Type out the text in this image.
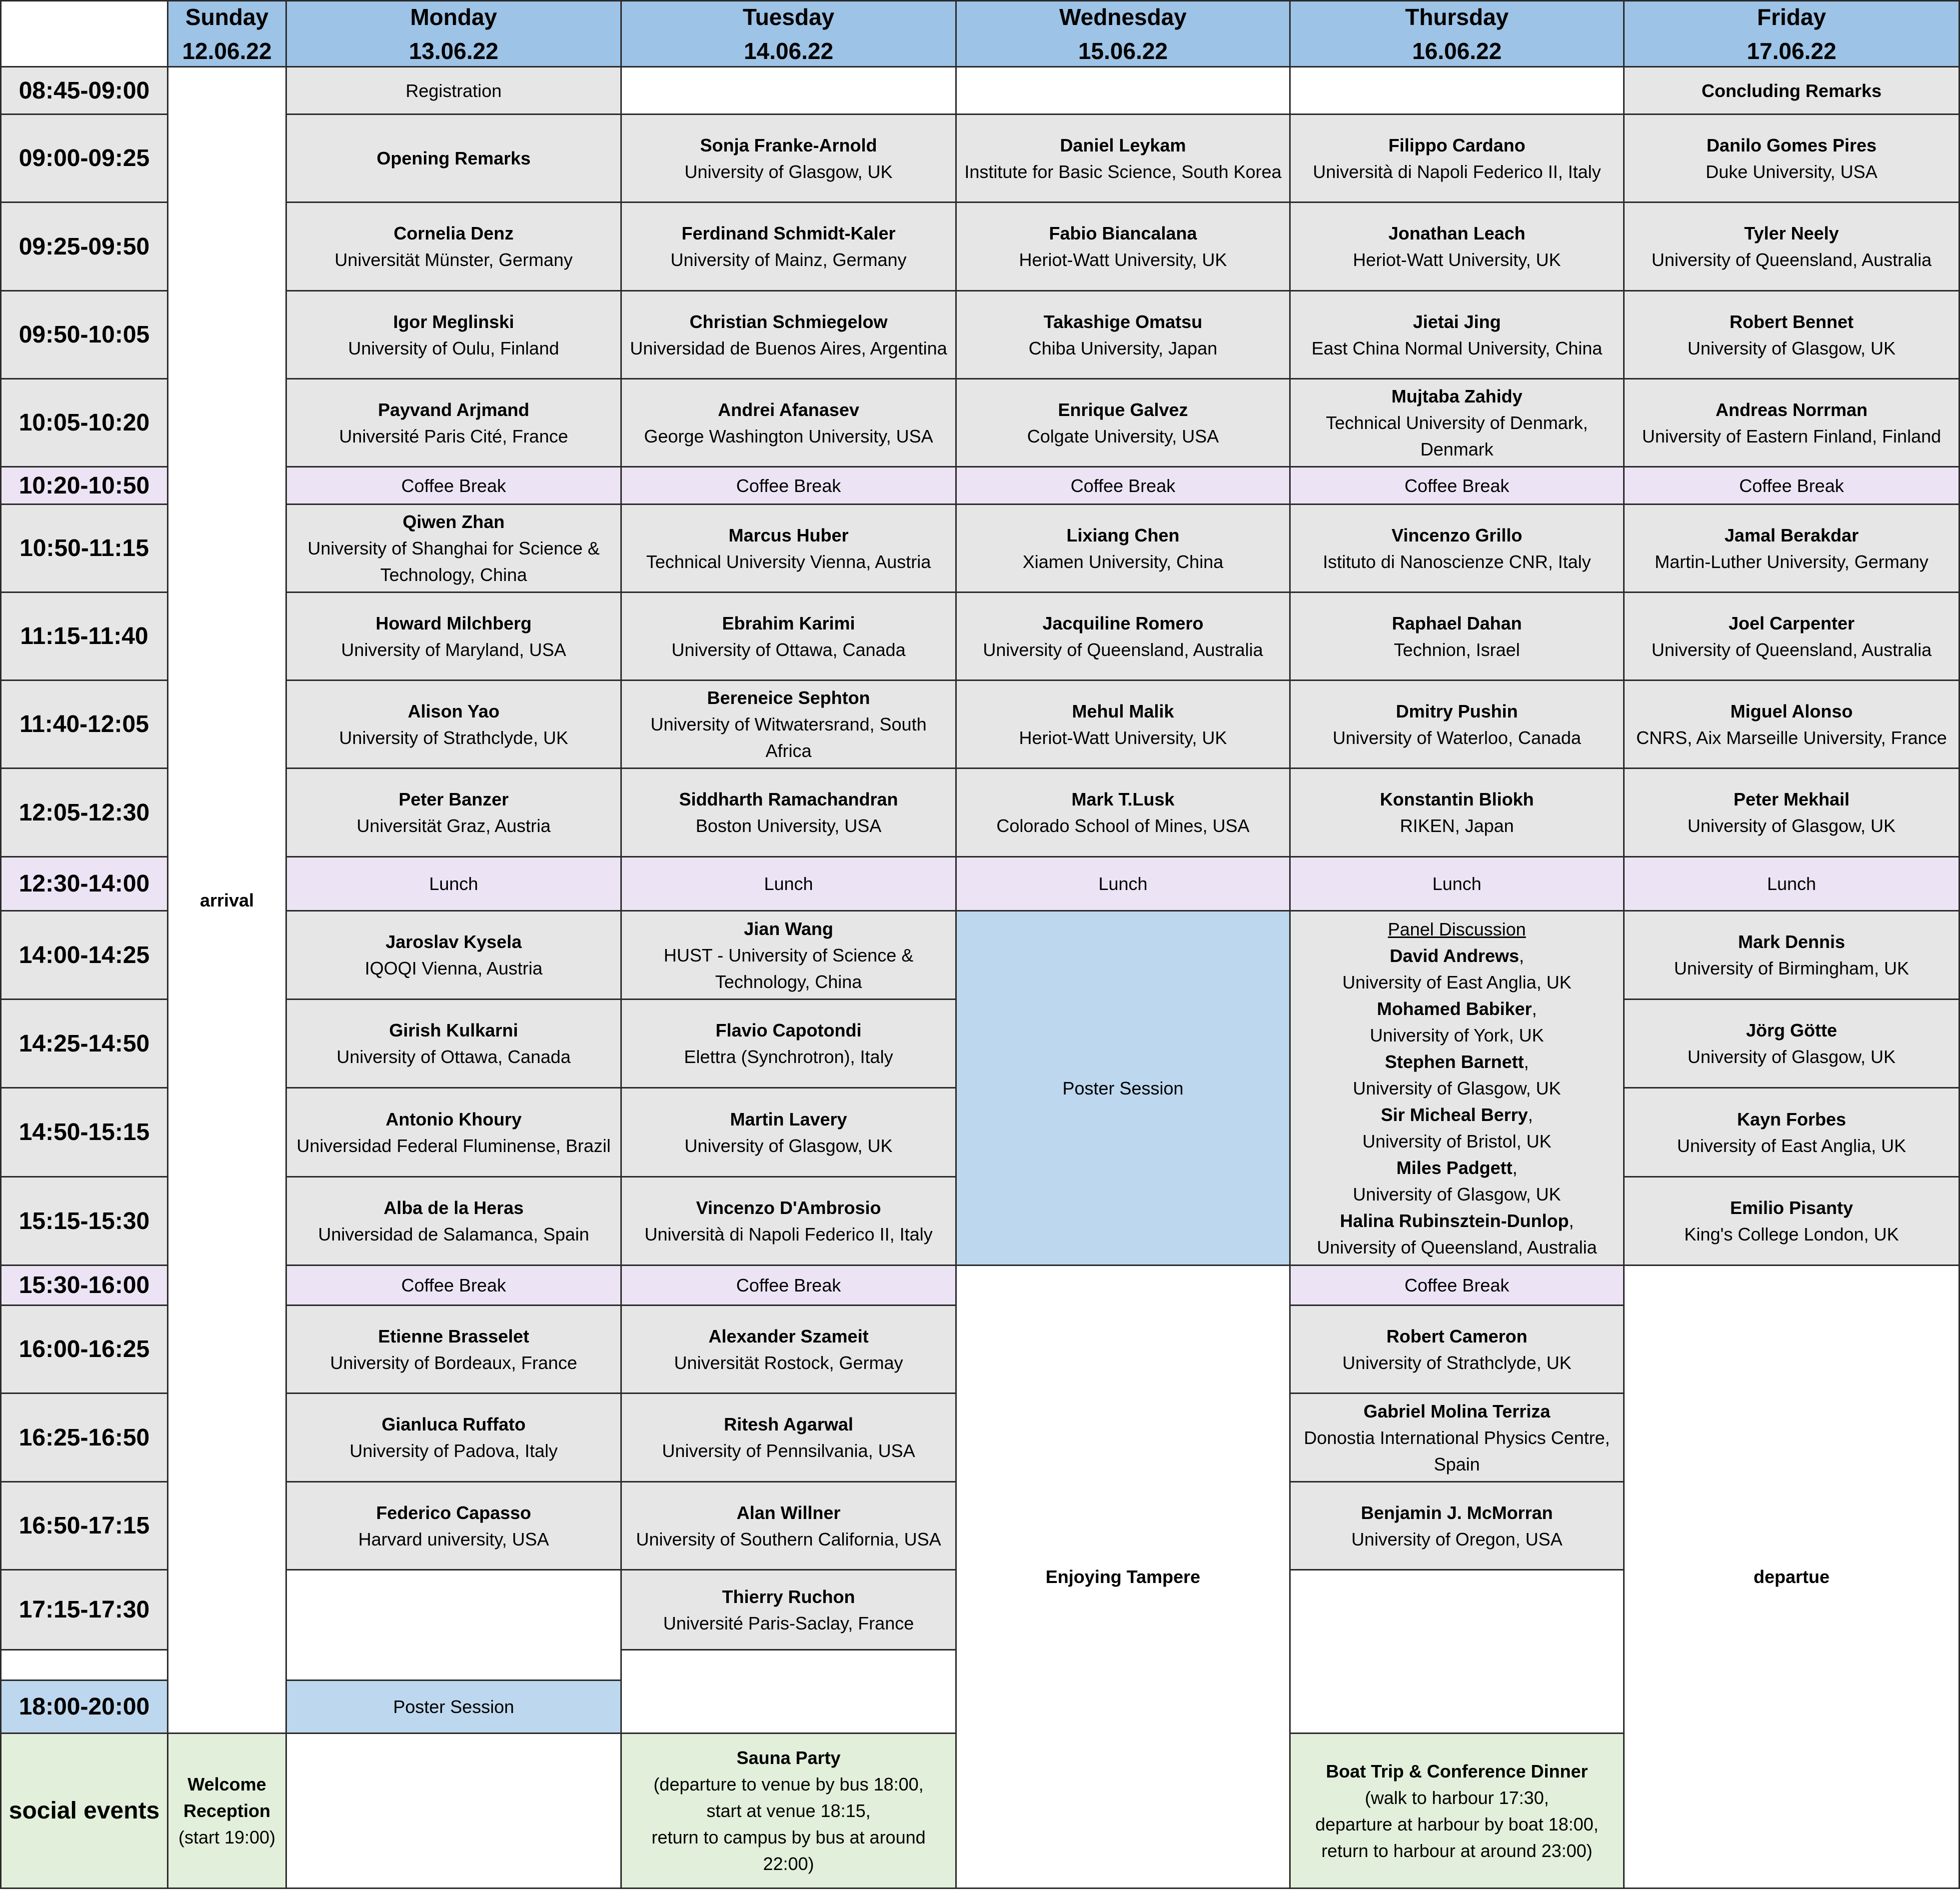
Sunday
12.06.22
Monday
13.06.22
Tuesday
14.06.22
Wednesday
15.06.22
Thursday
16.06.22
Friday
17.06.22
08:45-09:00
09:00-09:25
09:25-09:50
09:50-10:05
10:05-10:20
10:20-10:50
10:50-11:15
11:15-11:40
11:40-12:05
12:05-12:30
12:30-14:00
14:00-14:25
14:25-14:50
14:50-15:15
15:15-15:30
15:30-16:00
16:00-16:25
16:25-16:50
16:50-17:15
17:15-17:30
18:00-20:00
social events
arrival
Welcome Reception
(start 19:00)
Registration
Opening Remarks
Cornelia Denz
Universität Münster, Germany
Igor Meglinski
University of Oulu, Finland
Payvand Arjmand
Université Paris Cité, France
Coffee Break
Qiwen Zhan
University of Shanghai for Science & Technology, China
Howard Milchberg
University of Maryland, USA
Alison Yao
University of Strathclyde, UK
Peter Banzer
Universität Graz, Austria
Lunch
Jaroslav Kysela
IQOQI Vienna, Austria
Girish Kulkarni
University of Ottawa, Canada
Antonio Khoury
Universidad Federal Fluminense, Brazil
Alba de la Heras
Universidad de Salamanca, Spain
Coffee Break
Etienne Brasselet
University of Bordeaux, France
Gianluca Ruffato
University of Padova, Italy
Federico Capasso
Harvard university, USA
Poster Session
Sonja Franke-Arnold
University of Glasgow, UK
Ferdinand Schmidt-Kaler
University of Mainz, Germany
Christian Schmiegelow
Universidad de Buenos Aires, Argentina
Andrei Afanasev
George Washington University, USA
Coffee Break
Marcus Huber
Technical University Vienna, Austria
Ebrahim Karimi
University of Ottawa, Canada
Bereneice Sephton
University of Witwatersrand, South Africa
Siddharth Ramachandran
Boston University, USA
Lunch
Jian Wang
HUST - University of Science & Technology, China
Flavio Capotondi
Elettra (Synchrotron), Italy
Martin Lavery
University of Glasgow, UK
Vincenzo D'Ambrosio
Università di Napoli Federico II, Italy
Coffee Break
Alexander Szameit
Universität Rostock, Germay
Ritesh Agarwal
University of Pennsilvania, USA
Alan Willner
University of Southern California, USA
Thierry Ruchon
Université Paris-Saclay, France
Sauna Party
(departure to venue by bus 18:00,
start at venue 18:15,
return to campus by bus at around 22:00)
Daniel Leykam
Institute for Basic Science, South Korea
Fabio Biancalana
Heriot-Watt University, UK
Takashige Omatsu
Chiba University, Japan
Enrique Galvez
Colgate University, USA
Coffee Break
Lixiang Chen
Xiamen University, China
Jacquiline Romero
University of Queensland, Australia
Mehul Malik
Heriot-Watt University, UK
Mark T.Lusk
Colorado School of Mines, USA
Lunch
Poster Session
Enjoying Tampere
Filippo Cardano
Università di Napoli Federico II, Italy
Jonathan Leach
Heriot-Watt University, UK
Jietai Jing
East China Normal University, China
Mujtaba Zahidy
Technical University of Denmark, Denmark
Coffee Break
Vincenzo Grillo
Istituto di Nanoscienze CNR, Italy
Raphael Dahan
Technion, Israel
Dmitry Pushin
University of Waterloo, Canada
Konstantin Bliokh
RIKEN, Japan
Lunch
Panel Discussion
David Andrews,
University of East Anglia, UK
Mohamed Babiker,
University of York, UK
Stephen Barnett,
University of Glasgow, UK
Sir Micheal Berry,
University of Bristol, UK
Miles Padgett,
University of Glasgow, UK
Halina Rubinsztein-Dunlop,
University of Queensland, Australia
Coffee Break
Robert Cameron
University of Strathclyde, UK
Gabriel Molina Terriza
Donostia International Physics Centre, Spain
Benjamin J. McMorran
University of Oregon, USA
Boat Trip & Conference Dinner
(walk to harbour 17:30,
departure at harbour by boat 18:00,
return to harbour at around 23:00)
Concluding Remarks
Danilo Gomes Pires
Duke University, USA
Tyler Neely
University of Queensland, Australia
Robert Bennet
University of Glasgow, UK
Andreas Norrman
University of Eastern Finland, Finland
Coffee Break
Jamal Berakdar
Martin-Luther University, Germany
Joel Carpenter
University of Queensland, Australia
Miguel Alonso
CNRS, Aix Marseille University, France
Peter Mekhail
University of Glasgow, UK
Lunch
Mark Dennis
University of Birmingham, UK
Jörg Götte
University of Glasgow, UK
Kayn Forbes
University of East Anglia, UK
Emilio Pisanty
King's College London, UK
departue
